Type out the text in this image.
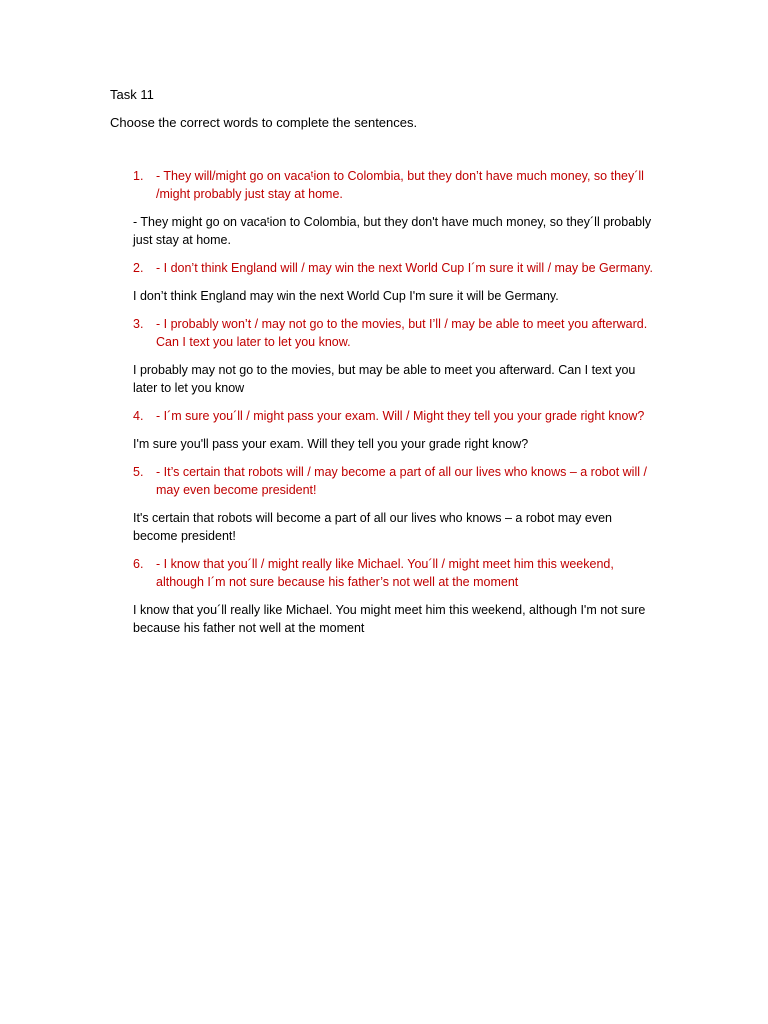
Task 11
Choose the correct words to complete the sentences.
1.	- They will/might go on vacaᵗion to Colombia, but they don’t have much money, so they´ll /might probably just stay at home.
- They might go on vacaᵗion to Colombia, but they don't have much money, so they´ll probably just stay at home.
2.	- I don’t think England will / may win the next World Cup I´m sure it will / may be Germany.
I don’t think England may win the next World Cup I'm sure it will be Germany.
3.	- I probably won’t / may not go to the movies, but I’ll / may be able to meet you afterward. Can I text you later to let you know.
I probably may not go to the movies, but may be able to meet you afterward. Can I text you later to let you know
4.	- I´m sure you´ll / might pass your exam. Will / Might they tell you your grade right know?
I'm sure you'll pass your exam. Will they tell you your grade right know?
5.	- It’s certain that robots will / may become a part of all our lives who knows – a robot will / may even become president!
It's certain that robots will become a part of all our lives who knows – a robot may even become president!
6.	- I know that you´ll / might really like Michael. You´ll / might meet him this weekend, although I´m not sure because his father’s not well at the moment
I know that you´ll really like Michael. You might meet him this weekend, although I'm not sure because his father not well at the moment
